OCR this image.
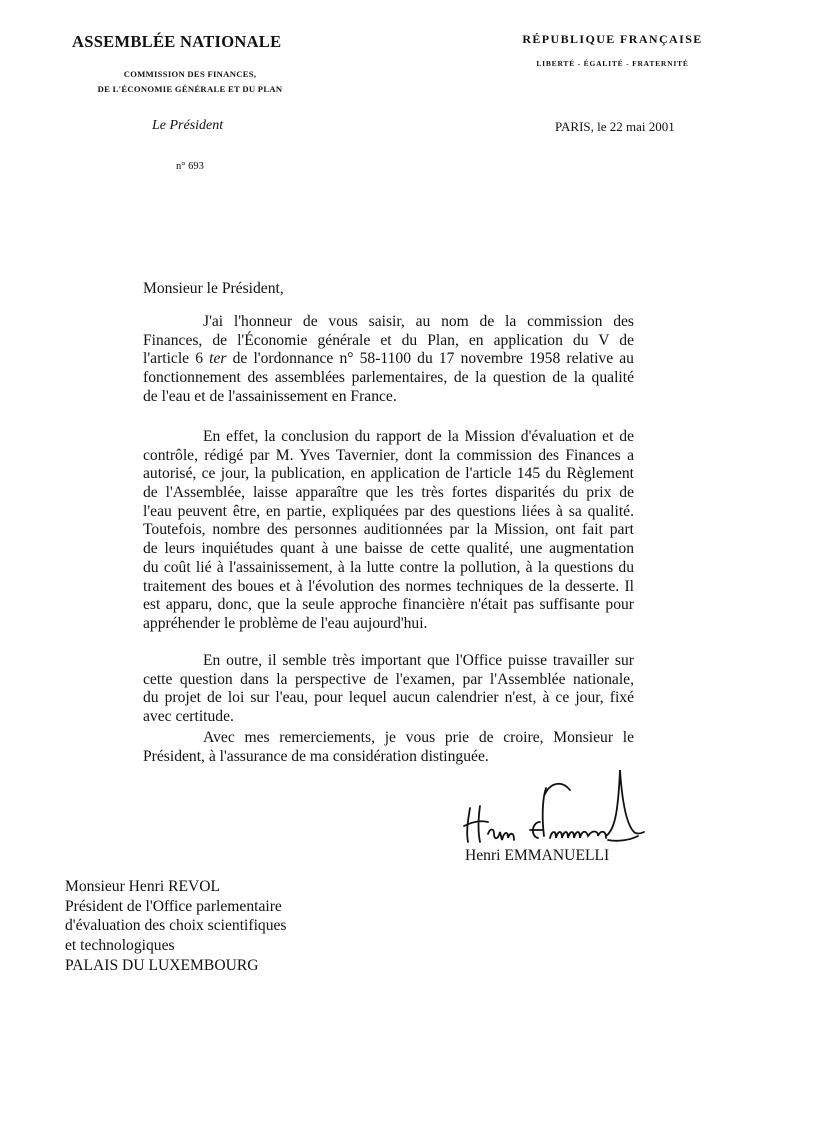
ASSEMBLÉE NATIONALE
COMMISSION DES FINANCES,
DE L'ÉCONOMIE GÉNÉRALE ET DU PLAN
Le Président
n° 693
RÉPUBLIQUE FRANÇAISE
LIBERTÉ - ÉGALITÉ - FRATERNITÉ
PARIS, le 22 mai 2001
Monsieur le Président,
J'ai l'honneur de vous saisir, au nom de la commission des
Finances, de l'Économie générale et du Plan, en application du V de
l'article 6 ter de l'ordonnance n° 58-1100 du 17 novembre 1958 relative au
fonctionnement des assemblées parlementaires, de la question de la qualité
de l'eau et de l'assainissement en France.
En effet, la conclusion du rapport de la Mission d'évaluation et de
contrôle, rédigé par M. Yves Tavernier, dont la commission des Finances a
autorisé, ce jour, la publication, en application de l'article 145 du Règlement
de l'Assemblée, laisse apparaître que les très fortes disparités du prix de
l'eau peuvent être, en partie, expliquées par des questions liées à sa qualité.
Toutefois, nombre des personnes auditionnées par la Mission, ont fait part
de leurs inquiétudes quant à une baisse de cette qualité, une augmentation
du coût lié à l'assainissement, à la lutte contre la pollution, à la questions du
traitement des boues et à l'évolution des normes techniques de la desserte. Il
est apparu, donc, que la seule approche financière n'était pas suffisante pour
appréhender le problème de l'eau aujourd'hui.
En outre, il semble très important que l'Office puisse travailler sur
cette question dans la perspective de l'examen, par l'Assemblée nationale,
du projet de loi sur l'eau, pour lequel aucun calendrier n'est, à ce jour, fixé
avec certitude.
Avec mes remerciements, je vous prie de croire, Monsieur le
Président, à l'assurance de ma considération distinguée.
Henri EMMANUELLI
Monsieur Henri REVOL
Président de l'Office parlementaire
d'évaluation des choix scientifiques
et technologiques
PALAIS DU LUXEMBOURG
